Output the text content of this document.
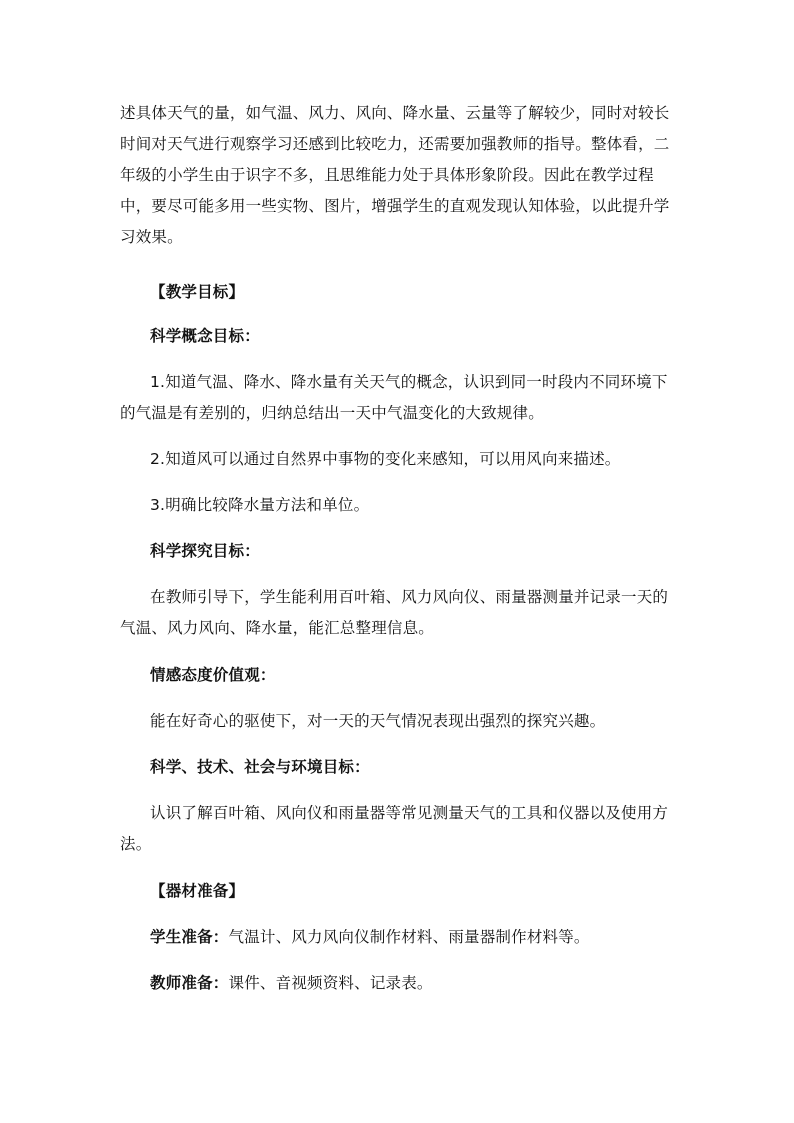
述具体天气的量，如气温、风力、风向、降水量、云量等了解较少，同时对较长时间对天气进行观察学习还感到比较吃力，还需要加强教师的指导。整体看，二年级的小学生由于识字不多，且思维能力处于具体形象阶段。因此在教学过程中，要尽可能多用一些实物、图片，增强学生的直观发现认知体验，以此提升学习效果。
【教学目标】
科学概念目标：
1.知道气温、降水、降水量有关天气的概念，认识到同一时段内不同环境下的气温是有差别的，归纳总结出一天中气温变化的大致规律。
2.知道风可以通过自然界中事物的变化来感知，可以用风向来描述。
3.明确比较降水量方法和单位。
科学探究目标：
在教师引导下，学生能利用百叶箱、风力风向仪、雨量器测量并记录一天的气温、风力风向、降水量，能汇总整理信息。
情感态度价值观：
能在好奇心的驱使下，对一天的天气情况表现出强烈的探究兴趣。
科学、技术、社会与环境目标：
认识了解百叶箱、风向仪和雨量器等常见测量天气的工具和仪器以及使用方法。
【器材准备】
学生准备：气温计、风力风向仪制作材料、雨量器制作材料等。
教师准备：课件、音视频资料、记录表。
